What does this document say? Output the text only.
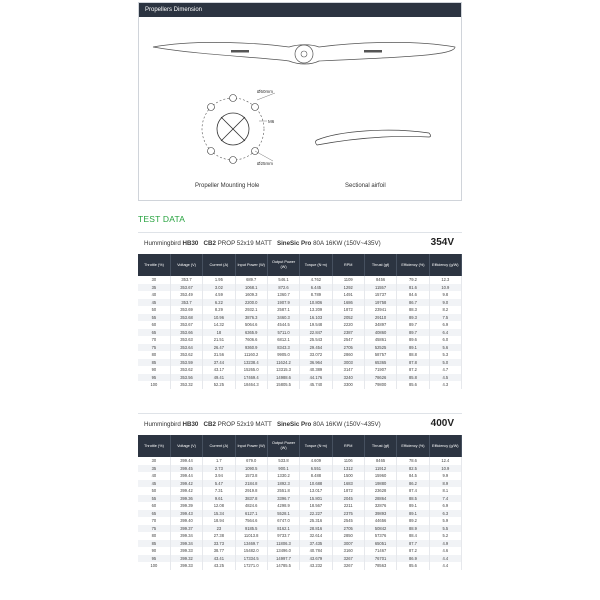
Propellers Dimension
Ø50mm
M6
Ø25mm
Propeller Mounting Hole	Sectional airfoil
TEST DATA
Hummingbird HB30 CB2 PROP 52x19 MATT SineSic Pro 80A 16KW (150V~435V)	354V
Throttle (%)	Voltage (V)	Current (A)	Input Power (W)	Output Power (W)	Torque (N·m)	RPM	Thrust (gf)	Efficiency (%)	Efficiency (g/W)
30	353.7	1.95	689.7	546.1	4.762	1109	8456	79.2	12.3
35	353.67	3.02	1068.1	872.6	6.445	1292	11557	81.6	10.9
40	353.49	4.59	1609.3	1360.7	8.789	1491	15737	84.6	9.8
45	353.7	6.22	2200.0	1907.9	10.806	1686	19758	86.7	9.0
50	353.69	8.29	2932.1	2587.1	13.209	1872	23941	88.3	8.2
55	353.68	10.96	3876.3	3460.3	16.103	2052	29110	89.3	7.5
60	353.67	14.32	5064.6	4544.5	19.548	2220	34897	89.7	6.9
65	353.66	18	6365.9	5711.0	22.847	2387	40860	89.7	6.4
70	353.63	21.51	7606.6	6812.1	25.543	2547	45861	89.6	6.0
75	353.64	26.47	9360.9	8343.3	29.454	2705	52525	89.1	5.6
80	353.62	31.56	11160.2	9905.0	33.072	2860	58757	88.8	5.3
85	353.59	37.44	13238.4	11624.2	36.964	3003	65365	87.8	5.0
90	353.62	43.17	15265.0	13315.3	40.389	3147	71907	87.2	4.7
95	353.56	49.41	17469.4	14988.6	44.176	3240	78626	85.8	4.5
100	353.32	52.25	18464.3	15805.5	45.740	3300	79800	85.6	4.3
Hummingbird HB30 CB2 PROP 52x19 MATT SineSic Pro 80A 16KW (150V~435V)	400V
Throttle (%)	Voltage (V)	Current (A)	Input Power (W)	Output Power (W)	Torque (N·m)	RPM	Thrust (gf)	Efficiency (%)	Efficiency (g/W)
30	399.44	1.7	679.0	533.8	4.609	1106	8465	78.6	12.4
35	399.45	2.73	1090.5	900.1	6.551	1312	11912	82.5	10.9
40	399.44	3.94	1573.8	1330.2	8.488	1500	15960	84.5	9.9
45	399.42	5.47	2184.8	1892.3	10.688	1683	19880	86.2	8.9
50	399.42	7.31	2919.8	2551.8	13.017	1872	23628	87.4	8.1
55	399.36	9.61	3837.8	3396.7	15.801	2045	28864	88.5	7.4
60	399.39	12.08	4824.6	4298.9	18.567	2211	32876	89.1	6.9
65	399.43	15.34	6127.1	5528.1	22.227	2375	39893	89.1	6.3
70	399.40	18.94	7564.6	6747.0	25.316	2545	44656	89.2	5.9
75	399.37	23	9185.5	8162.1	28.816	2705	50842	88.9	5.5
80	399.34	27.38	11013.8	9733.7	32.614	2850	57376	88.4	5.2
85	399.34	33.73	13469.7	11806.3	37.435	3007	65051	87.7	4.9
90	399.33	38.77	15482.0	13496.0	40.784	3160	71467	87.2	4.6
95	399.32	43.41	17334.5	14997.7	43.679	3267	76701	86.9	4.4
100	399.33	43.25	17271.0	14785.5	43.232	3267	78563	85.6	4.4
